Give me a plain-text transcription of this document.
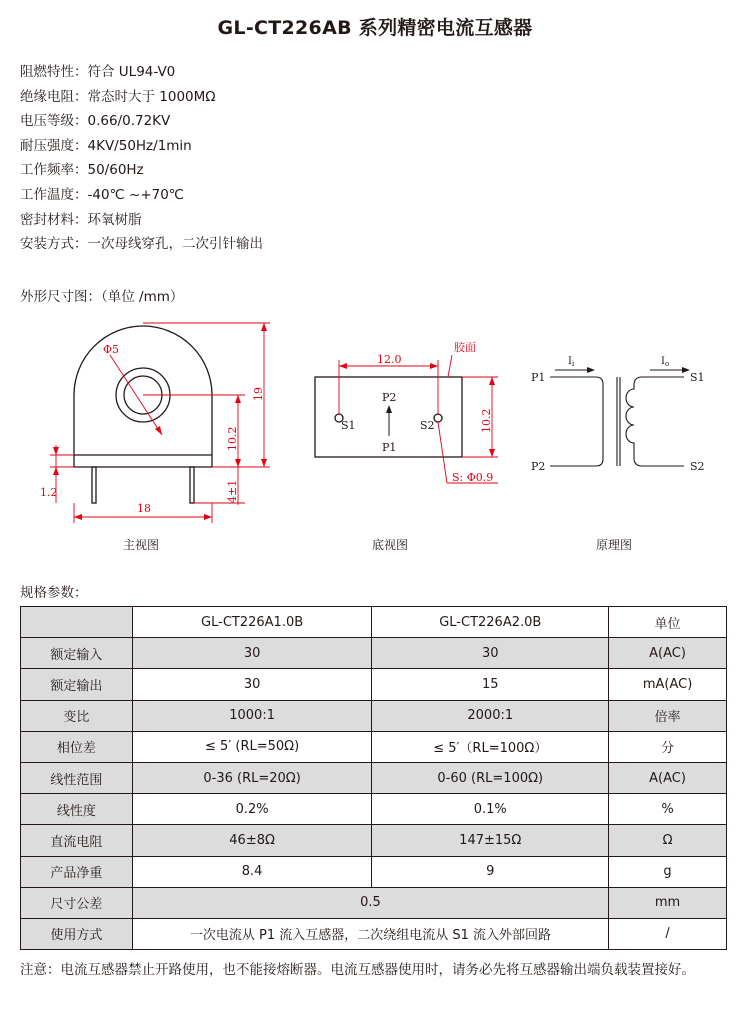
GL-CT226AB 系列精密电流互感器
阻燃特性：符合 UL94-V0
绝缘电阻：常态时大于 1000MΩ
电压等级：0.66/0.72KV
耐压强度：4KV/50Hz/1min
工作频率：50/60Hz
工作温度：-40℃ ~+70℃
密封材料：环氧树脂
安装方式：一次母线穿孔，二次引针输出
外形尺寸图：（单位 /mm）
Φ5
19
10.2
4±1
1.2
18
12.0
胶面
10.2
P2
P1
S1	S2
S: Φ0.9
P1
P2
S1
S2
$I_i$	$I_o$
主视图	底视图	原理图
规格参数：
	GL-CT226A1.0B	GL-CT226A2.0B	单位
额定输入	30	30	A(AC)
额定输出	30	15	mA(AC)
变比	1000:1	2000:1	倍率
相位差	≤ 5′ (RL=50Ω)	≤ 5′（RL=100Ω）	分
线性范围	0-36 (RL=20Ω)	0-60 (RL=100Ω)	A(AC)
线性度	0.2%	0.1%	%
直流电阻	46±8Ω	147±15Ω	Ω
产品净重	8.4	9	g
尺寸公差	0.5		mm
使用方式	一次电流从 P1 流入互感器，二次绕组电流从 S1 流入外部回路		/
注意：电流互感器禁止开路使用，也不能接熔断器。电流互感器使用时，请务必先将互感器输出端负载装置接好。
